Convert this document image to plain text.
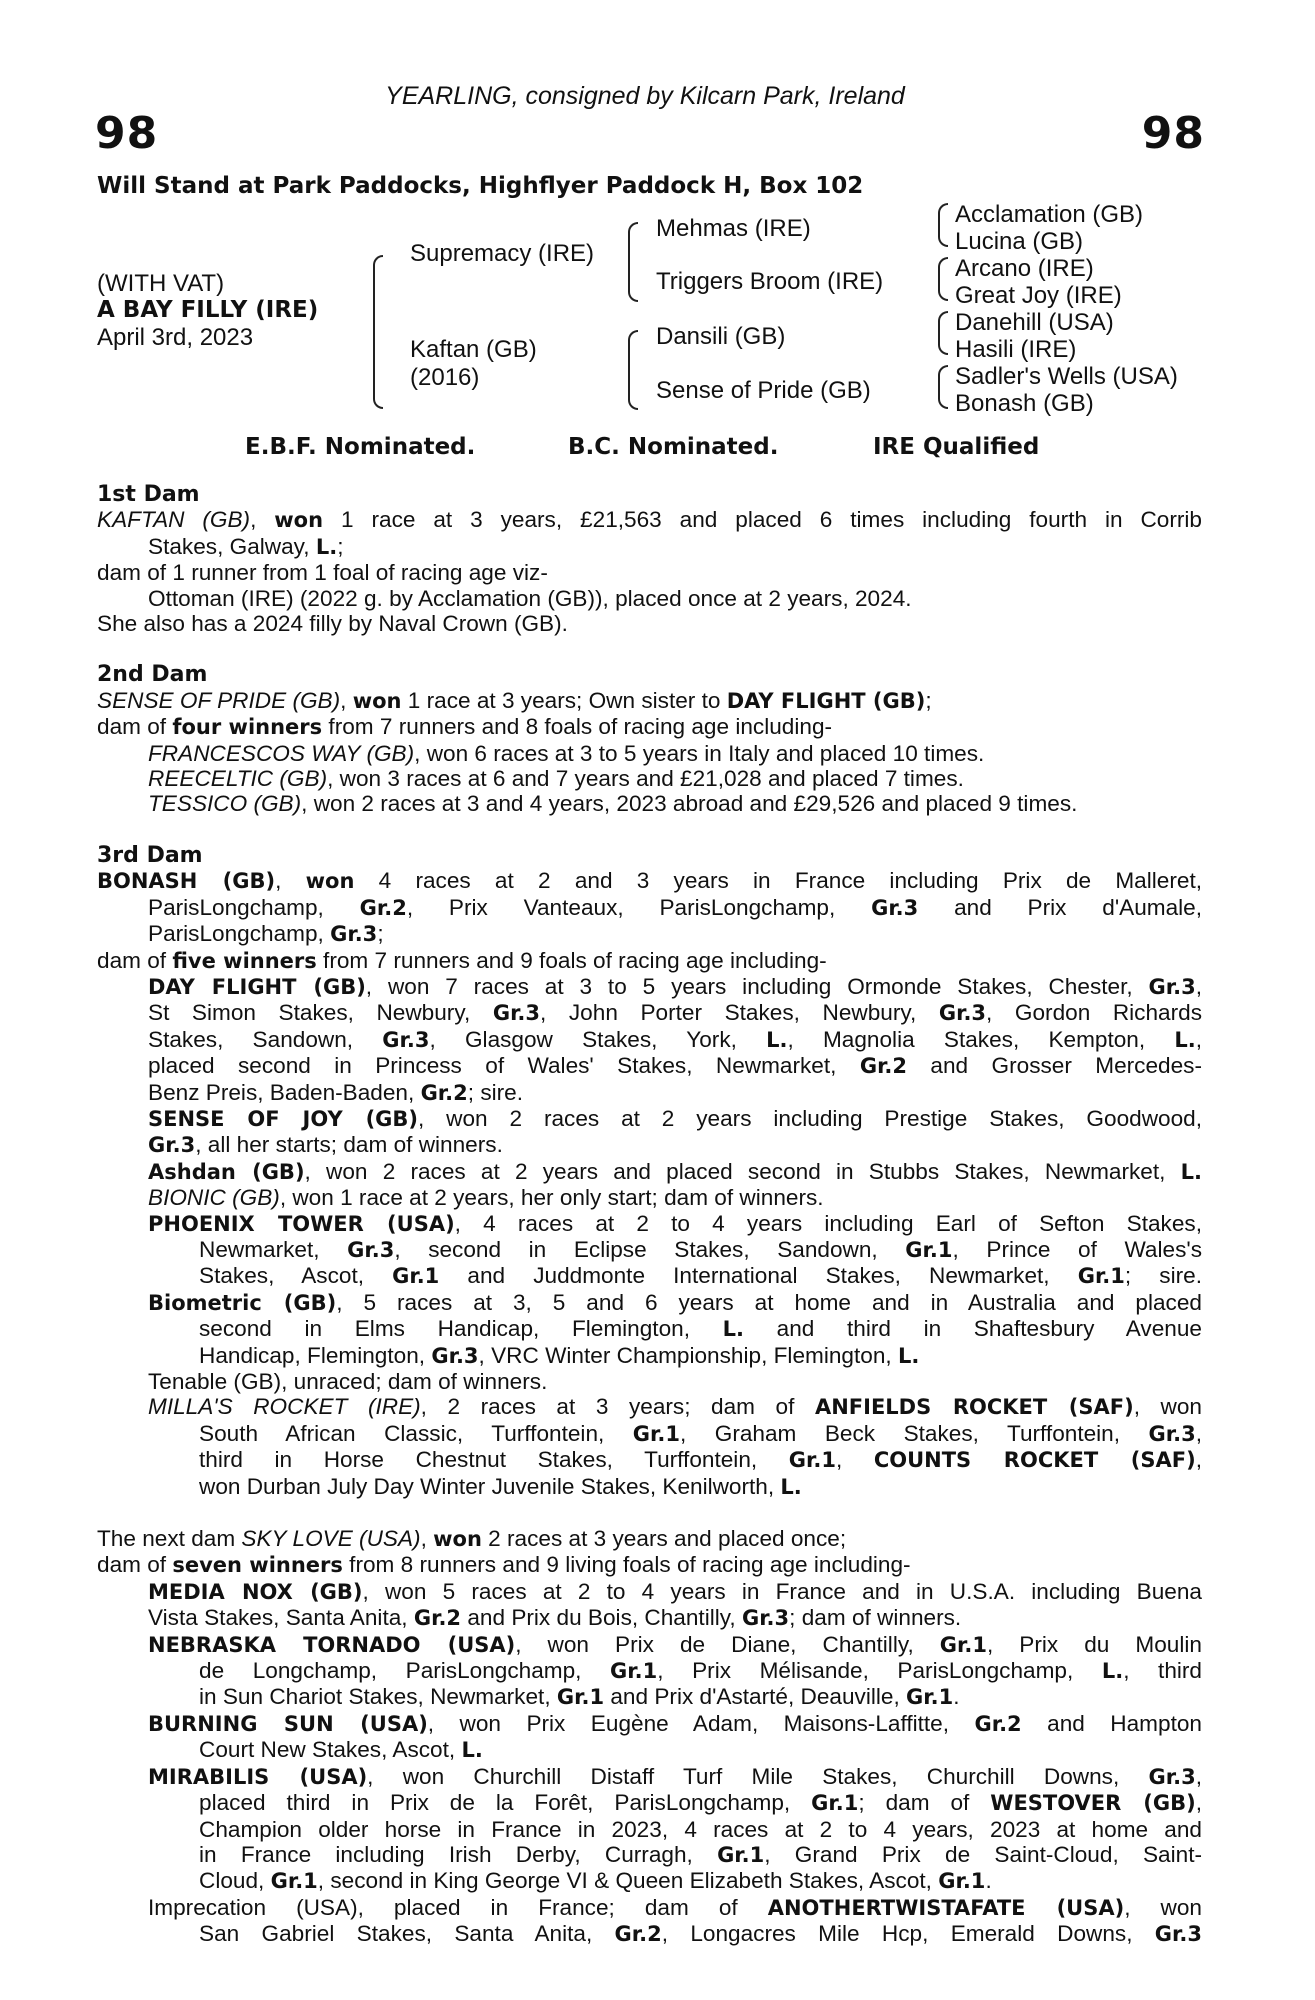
YEARLING, consigned by Kilcarn Park, Ireland
98	98
Will Stand at Park Paddocks, Highflyer Paddock H, Box 102
(WITH VAT)
A BAY FILLY (IRE)
April 3rd, 2023
Supremacy (IRE)
Kaftan (GB)
(2016)
Mehmas (IRE)
Triggers Broom (IRE)
Dansili (GB)
Sense of Pride (GB)
Acclamation (GB)
Lucina (GB)
Arcano (IRE)
Great Joy (IRE)
Danehill (USA)
Hasili (IRE)
Sadler's Wells (USA)
Bonash (GB)
E.B.F. Nominated.	B.C. Nominated.	IRE Qualified
1st Dam
KAFTAN (GB), won 1 race at 3 years, £21,563 and placed 6 times including fourth in Corrib
Stakes, Galway, L.;
dam of 1 runner from 1 foal of racing age viz-
Ottoman (IRE) (2022 g. by Acclamation (GB)), placed once at 2 years, 2024.
She also has a 2024 filly by Naval Crown (GB).
2nd Dam
SENSE OF PRIDE (GB), won 1 race at 3 years; Own sister to DAY FLIGHT (GB);
dam of four winners from 7 runners and 8 foals of racing age including-
FRANCESCOS WAY (GB), won 6 races at 3 to 5 years in Italy and placed 10 times.
REECELTIC (GB), won 3 races at 6 and 7 years and £21,028 and placed 7 times.
TESSICO (GB), won 2 races at 3 and 4 years, 2023 abroad and £29,526 and placed 9 times.
3rd Dam
BONASH (GB), won 4 races at 2 and 3 years in France including Prix de Malleret,
ParisLongchamp, Gr.2, Prix Vanteaux, ParisLongchamp, Gr.3 and Prix d'Aumale,
ParisLongchamp, Gr.3;
dam of five winners from 7 runners and 9 foals of racing age including-
DAY FLIGHT (GB), won 7 races at 3 to 5 years including Ormonde Stakes, Chester, Gr.3,
St Simon Stakes, Newbury, Gr.3, John Porter Stakes, Newbury, Gr.3, Gordon Richards
Stakes, Sandown, Gr.3, Glasgow Stakes, York, L., Magnolia Stakes, Kempton, L.,
placed second in Princess of Wales' Stakes, Newmarket, Gr.2 and Grosser Mercedes-
Benz Preis, Baden-Baden, Gr.2; sire.
SENSE OF JOY (GB), won 2 races at 2 years including Prestige Stakes, Goodwood,
Gr.3, all her starts; dam of winners.
Ashdan (GB), won 2 races at 2 years and placed second in Stubbs Stakes, Newmarket, L.
BIONIC (GB), won 1 race at 2 years, her only start; dam of winners.
PHOENIX TOWER (USA), 4 races at 2 to 4 years including Earl of Sefton Stakes,
Newmarket, Gr.3, second in Eclipse Stakes, Sandown, Gr.1, Prince of Wales's
Stakes, Ascot, Gr.1 and Juddmonte International Stakes, Newmarket, Gr.1; sire.
Biometric (GB), 5 races at 3, 5 and 6 years at home and in Australia and placed
second in Elms Handicap, Flemington, L. and third in Shaftesbury Avenue
Handicap, Flemington, Gr.3, VRC Winter Championship, Flemington, L.
Tenable (GB), unraced; dam of winners.
MILLA'S ROCKET (IRE), 2 races at 3 years; dam of ANFIELDS ROCKET (SAF), won
South African Classic, Turffontein, Gr.1, Graham Beck Stakes, Turffontein, Gr.3,
third in Horse Chestnut Stakes, Turffontein, Gr.1, COUNTS ROCKET (SAF),
won Durban July Day Winter Juvenile Stakes, Kenilworth, L.
The next dam SKY LOVE (USA), won 2 races at 3 years and placed once;
dam of seven winners from 8 runners and 9 living foals of racing age including-
MEDIA NOX (GB), won 5 races at 2 to 4 years in France and in U.S.A. including Buena
Vista Stakes, Santa Anita, Gr.2 and Prix du Bois, Chantilly, Gr.3; dam of winners.
NEBRASKA TORNADO (USA), won Prix de Diane, Chantilly, Gr.1, Prix du Moulin
de Longchamp, ParisLongchamp, Gr.1, Prix Mélisande, ParisLongchamp, L., third
in Sun Chariot Stakes, Newmarket, Gr.1 and Prix d'Astarté, Deauville, Gr.1.
BURNING SUN (USA), won Prix Eugène Adam, Maisons-Laffitte, Gr.2 and Hampton
Court New Stakes, Ascot, L.
MIRABILIS (USA), won Churchill Distaff Turf Mile Stakes, Churchill Downs, Gr.3,
placed third in Prix de la Forêt, ParisLongchamp, Gr.1; dam of WESTOVER (GB),
Champion older horse in France in 2023, 4 races at 2 to 4 years, 2023 at home and
in France including Irish Derby, Curragh, Gr.1, Grand Prix de Saint-Cloud, Saint-
Cloud, Gr.1, second in King George VI & Queen Elizabeth Stakes, Ascot, Gr.1.
Imprecation (USA), placed in France; dam of ANOTHERTWISTAFATE (USA), won
San Gabriel Stakes, Santa Anita, Gr.2, Longacres Mile Hcp, Emerald Downs, Gr.3
